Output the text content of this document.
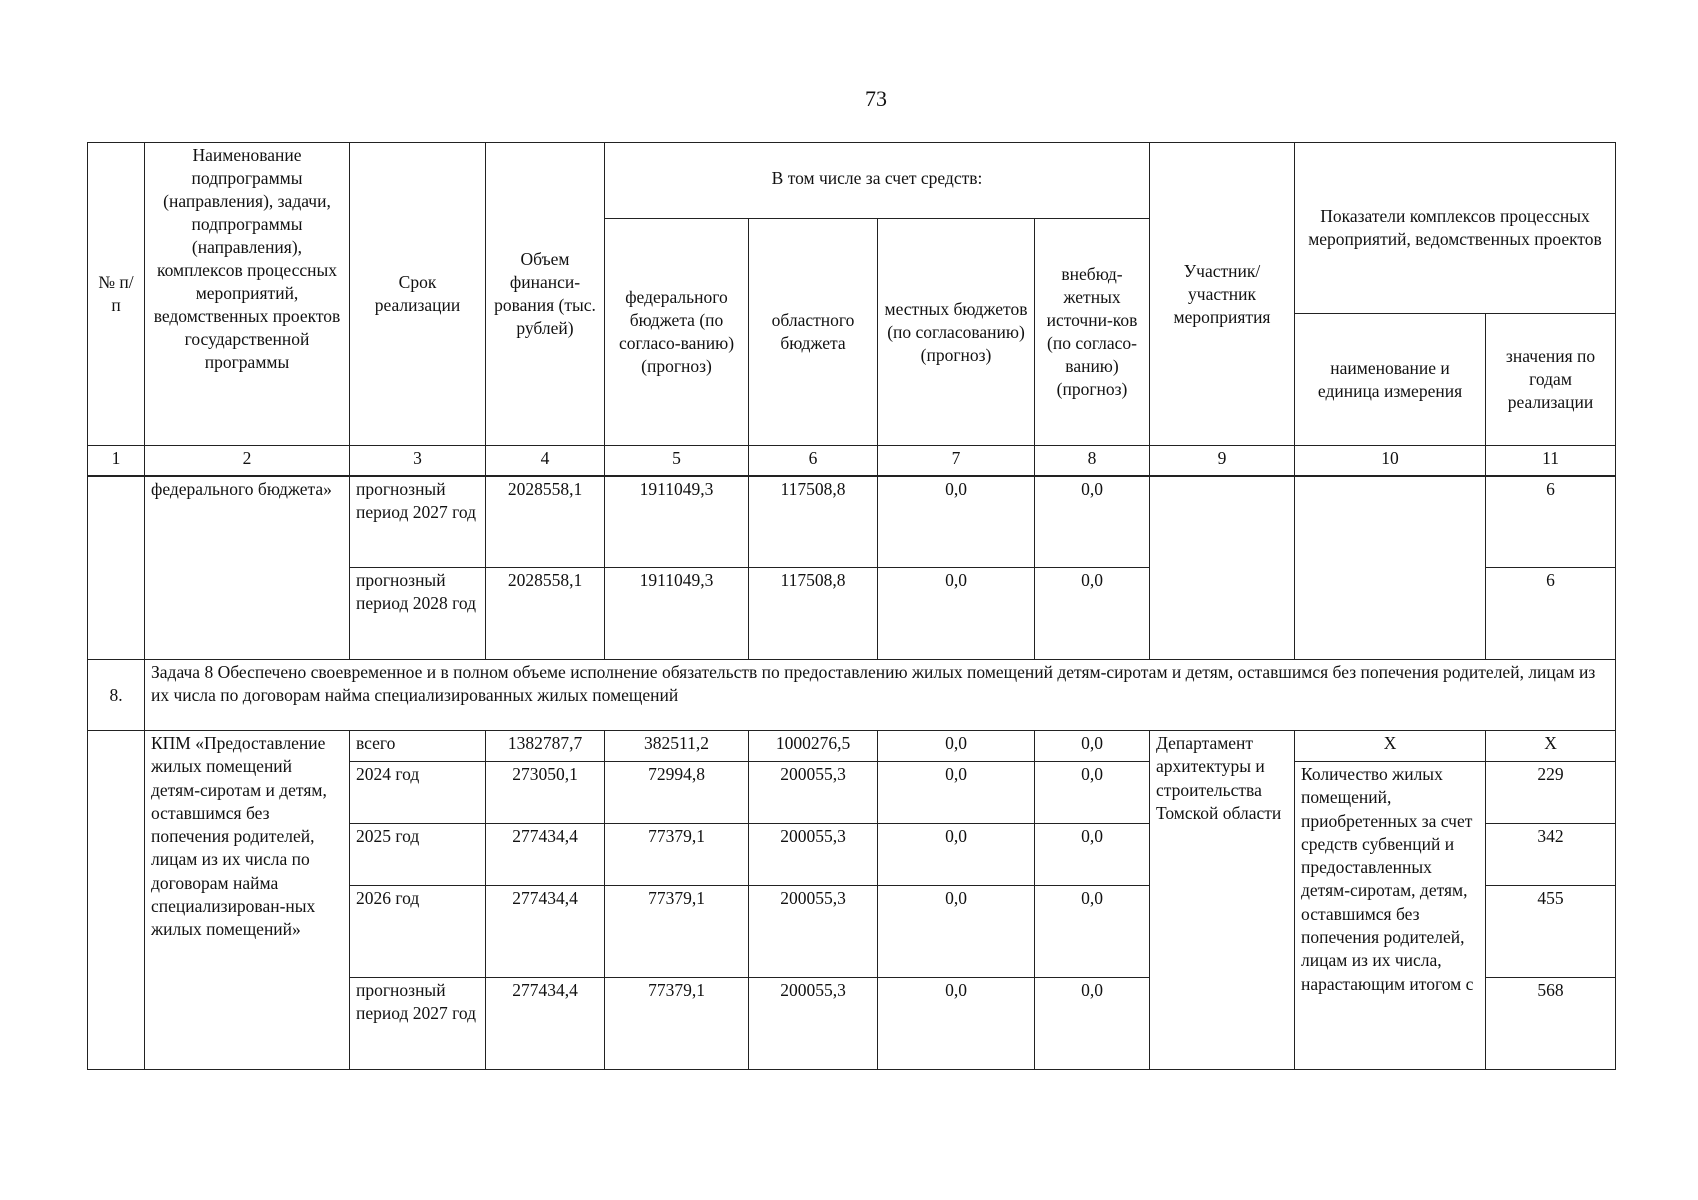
73
№ п/п	Наименование подпрограммы (направления), задачи, подпрограммы (направления), комплексов процессных мероприятий, ведомственных проектов государственной программы	Срок реализации	Объем финанси-рования (тыс. рублей)	В том числе за счет средств:				Участник/ участник мероприятия	Показатели комплексов процессных мероприятий, ведомственных проектов	
				федерального бюджета (по согласо-ванию) (прогноз)	областного бюджета	местных бюджетов (по согласованию) (прогноз)	внебюд-жетных источни-ков (по согласо-ванию) (прогноз)			
									наименование и единица измерения	значения по годам реализации
1	2	3	4	5	6	7	8	9	10	11
	федерального бюджета»	прогнозный период 2027 год	2028558,1	1911049,3	117508,8	0,0	0,0			6
		прогнозный период 2028 год	2028558,1	1911049,3	117508,8	0,0	0,0			6
8.	Задача 8 Обеспечено своевременное и в полном объеме исполнение обязательств по предоставлению жилых помещений детям-сиротам и детям, оставшимся без попечения родителей, лицам из их числа по договорам найма специализированных жилых помещений									
	КПМ «Предоставление жилых помещений детям-сиротам и детям, оставшимся без попечения родителей, лицам из их числа по договорам найма специализирован-ных жилых помещений»	всего	1382787,7	382511,2	1000276,5	0,0	0,0	Департамент архитектуры и строительства Томской области	Х	Х
		2024 год	273050,1	72994,8	200055,3	0,0	0,0		Количество жилых помещений, приобретенных за счет средств субвенций и предоставленных детям-сиротам, детям, оставшимся без попечения родителей, лицам из их числа, нарастающим итогом с	229
		2025 год	277434,4	77379,1	200055,3	0,0	0,0			342
		2026 год	277434,4	77379,1	200055,3	0,0	0,0			455
		прогнозный период 2027 год	277434,4	77379,1	200055,3	0,0	0,0			568
